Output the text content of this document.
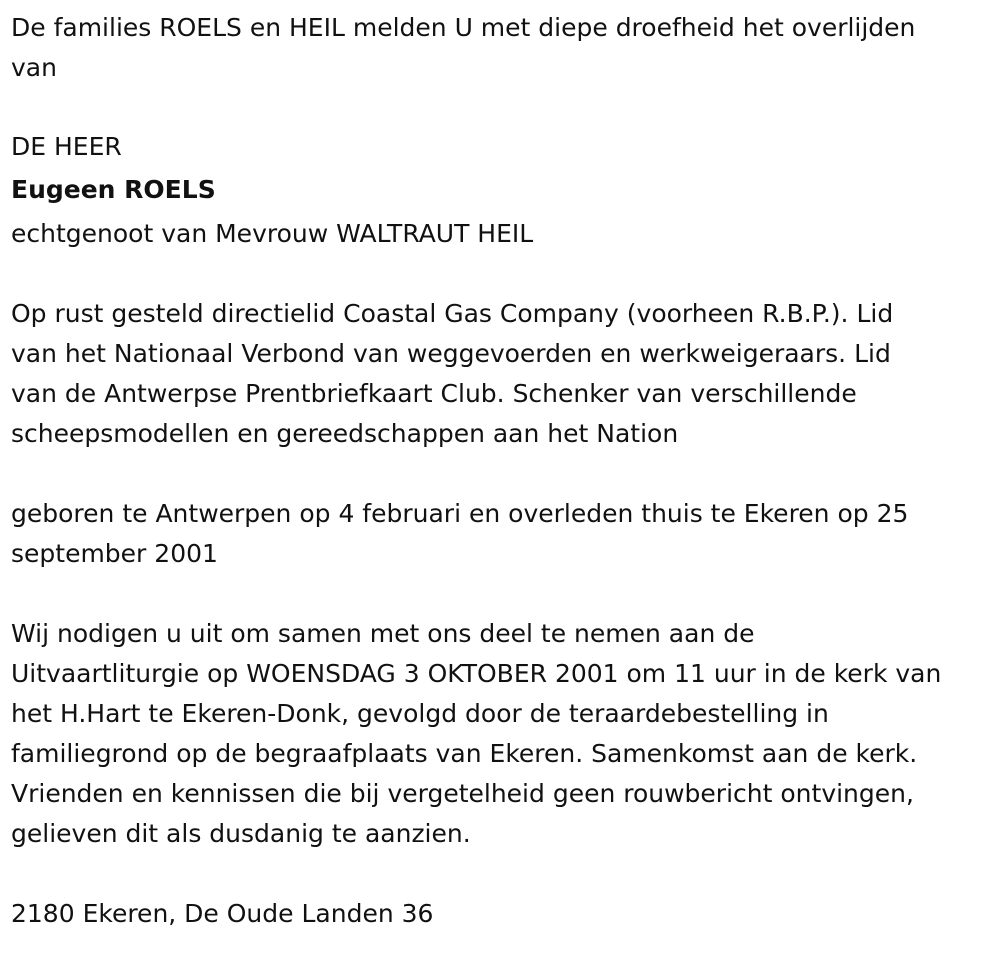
De families ROELS en HEIL melden U met diepe droefheid het overlijden

van

DE HEER

Eugeen ROELS

echtgenoot van Mevrouw WALTRAUT HEIL

Op rust gesteld directielid Coastal Gas Company (voorheen R.B.P.). Lid

van het Nationaal Verbond van weggevoerden en werkweigeraars. Lid

van de Antwerpse Prentbriefkaart Club. Schenker van verschillende

scheepsmodellen en gereedschappen aan het Nation

geboren te Antwerpen op 4 februari en overleden thuis te Ekeren op 25

september 2001

Wij nodigen u uit om samen met ons deel te nemen aan de

Uitvaartliturgie op WOENSDAG 3 OKTOBER 2001 om 11 uur in de kerk van

het H.Hart te Ekeren-Donk, gevolgd door de teraardebestelling in

familiegrond op de begraafplaats van Ekeren. Samenkomst aan de kerk.

Vrienden en kennissen die bij vergetelheid geen rouwbericht ontvingen,

gelieven dit als dusdanig te aanzien.

2180 Ekeren, De Oude Landen 36
